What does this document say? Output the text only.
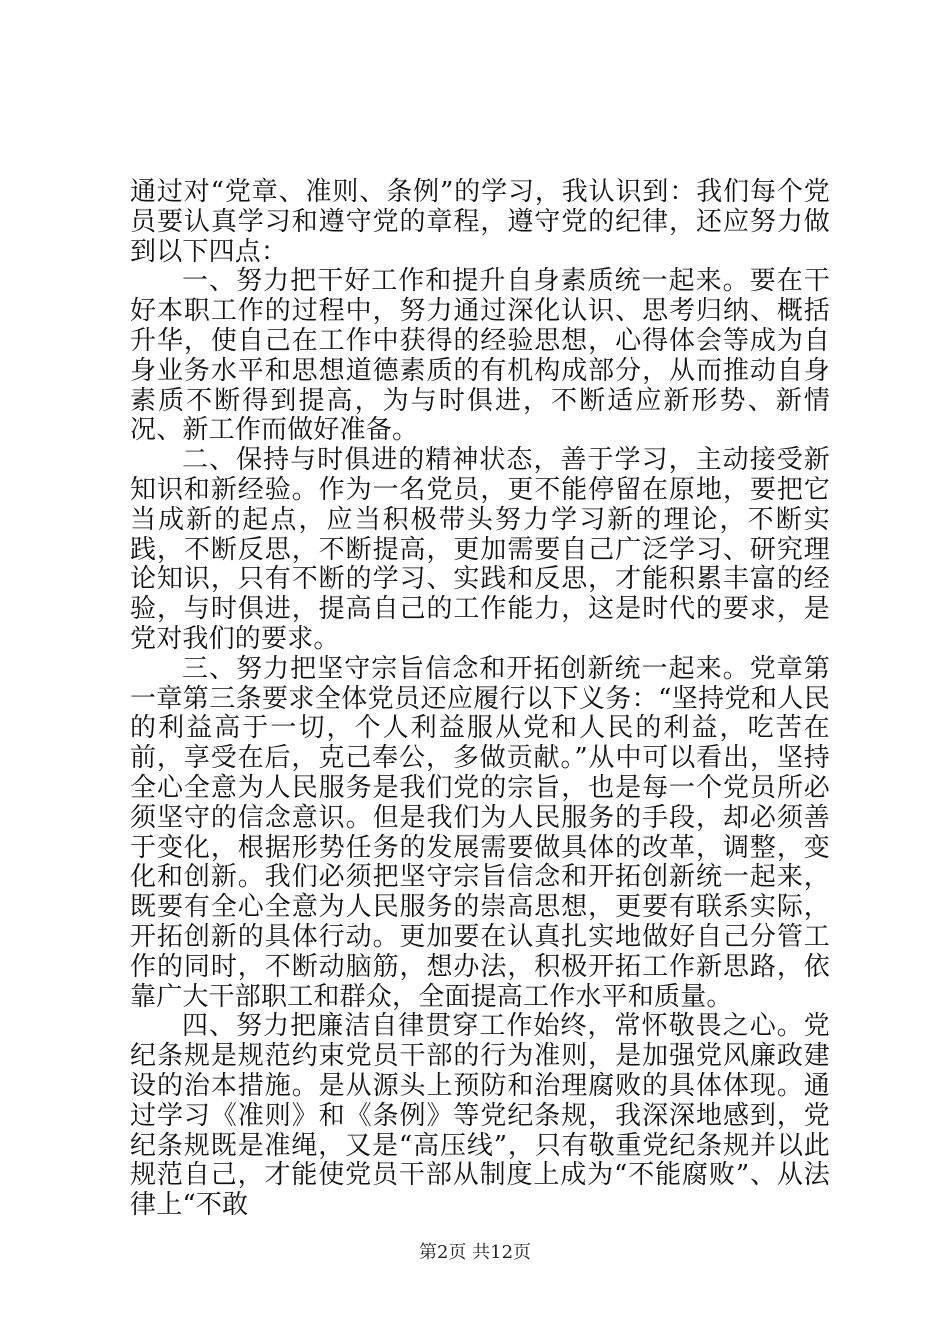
通过对“党章、准则、条例”的学习，我认识到：我们每个党员要认真学习和遵守党的章程，遵守党的纪律，还应努力做到以下四点：

一、努力把干好工作和提升自身素质统一起来。要在干好本职工作的过程中，努力通过深化认识、思考归纳、概括升华，使自己在工作中获得的经验思想，心得体会等成为自身业务水平和思想道德素质的有机构成部分，从而推动自身素质不断得到提高，为与时俱进，不断适应新形势、新情况、新工作而做好准备。

二、保持与时俱进的精神状态，善于学习，主动接受新知识和新经验。作为一名党员，更不能停留在原地，要把它当成新的起点，应当积极带头努力学习新的理论，不断实践，不断反思，不断提高，更加需要自己广泛学习、研究理论知识，只有不断的学习、实践和反思，才能积累丰富的经验，与时俱进，提高自己的工作能力，这是时代的要求，是党对我们的要求。

三、努力把坚守宗旨信念和开拓创新统一起来。党章第一章第三条要求全体党员还应履行以下义务：“坚持党和人民的利益高于一切，个人利益服从党和人民的利益，吃苦在前，享受在后，克己奉公，多做贡献。”从中可以看出，坚持全心全意为人民服务是我们党的宗旨，也是每一个党员所必须坚守的信念意识。但是我们为人民服务的手段，却必须善于变化，根据形势任务的发展需要做具体的改革，调整，变化和创新。我们必须把坚守宗旨信念和开拓创新统一起来，既要有全心全意为人民服务的崇高思想，更要有联系实际，开拓创新的具体行动。更加要在认真扎实地做好自己分管工作的同时，不断动脑筋，想办法，积极开拓工作新思路，依靠广大干部职工和群众，全面提高工作水平和质量。

四、努力把廉洁自律贯穿工作始终，常怀敬畏之心。党纪条规是规范约束党员干部的行为准则，是加强党风廉政建设的治本措施。是从源头上预防和治理腐败的具体体现。通过学习《准则》和《条例》等党纪条规，我深深地感到，党纪条规既是准绳，又是“高压线”，只有敬重党纪条规并以此规范自己，才能使党员干部从制度上成为“不能腐败”、从法律上“不敢

第2页 共12页
